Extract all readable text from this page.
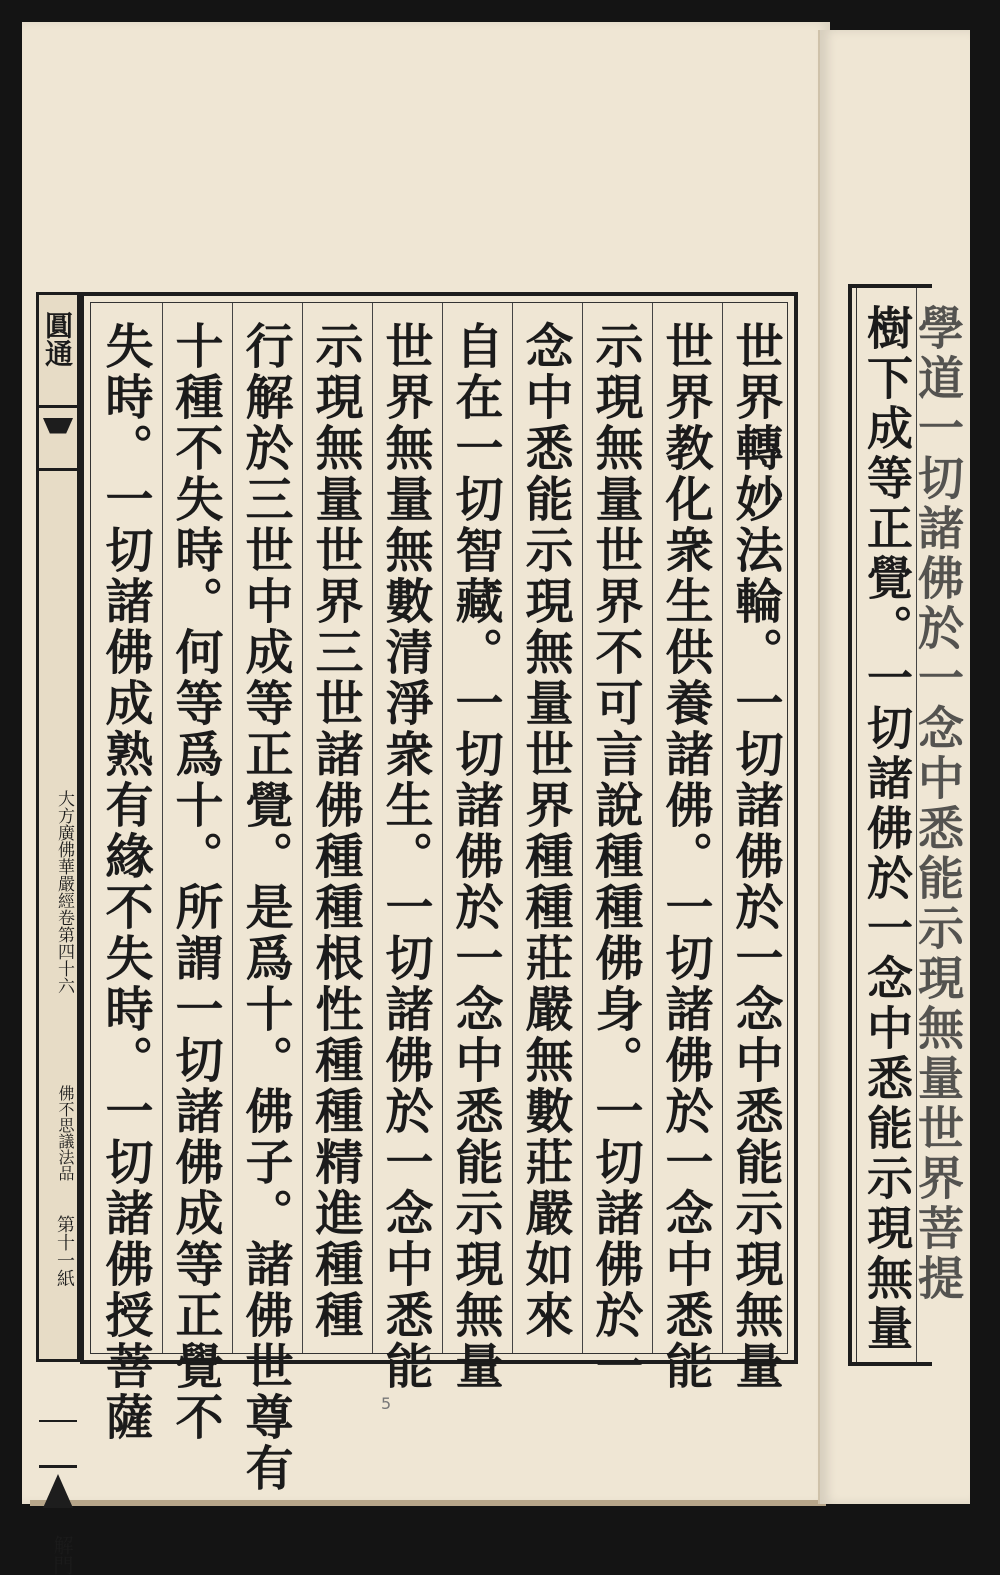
圓通
大方廣佛華嚴經卷第四十六
佛不思議法品
第十一紙
解門
世界轉妙法輪。一切諸佛於一念中悉能示現無量
世界教化衆生供養諸佛。一切諸佛於一念中悉能
示現無量世界不可言說種種佛身。一切諸佛於一
念中悉能示現無量世界種種莊嚴無數莊嚴如來
自在一切智藏。一切諸佛於一念中悉能示現無量
世界無量無數清淨衆生。一切諸佛於一念中悉能
示現無量世界三世諸佛種種根性種種精進種種
行解於三世中成等正覺。是爲十。佛子。諸佛世尊有
十種不失時。何等爲十。所謂一切諸佛成等正覺不
失時。一切諸佛成熟有緣不失時。一切諸佛授菩薩	樹下成等正覺。一切諸佛於一念中悉能示現無量
學道一切諸佛於一念中悉能示現無量世界菩提
5
